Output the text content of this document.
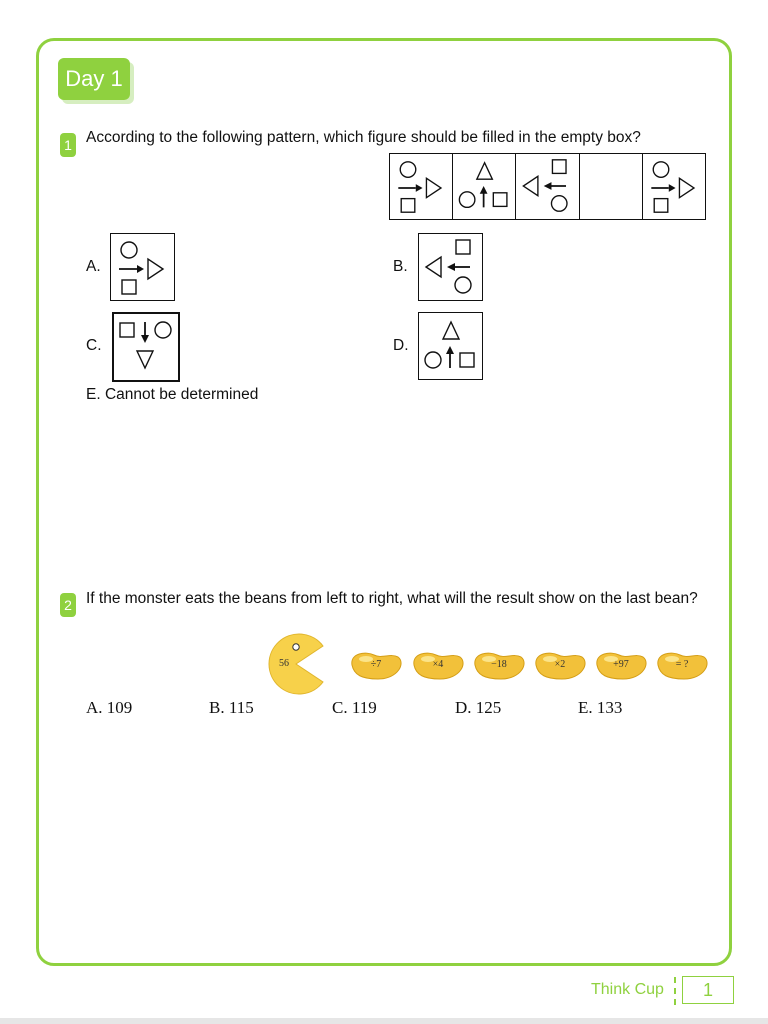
Day 1
1 According to the following pattern, which figure should be filled in the empty box?
A.	B.
C.	D.
E. Cannot be determined
2 If the monster eats the beans from left to right, what will the result show on the last bean?
56	÷7	×4	−18	×2	+97	= ?
A. 109	B. 115	C. 119	D. 125	E. 133
Think Cup	1
